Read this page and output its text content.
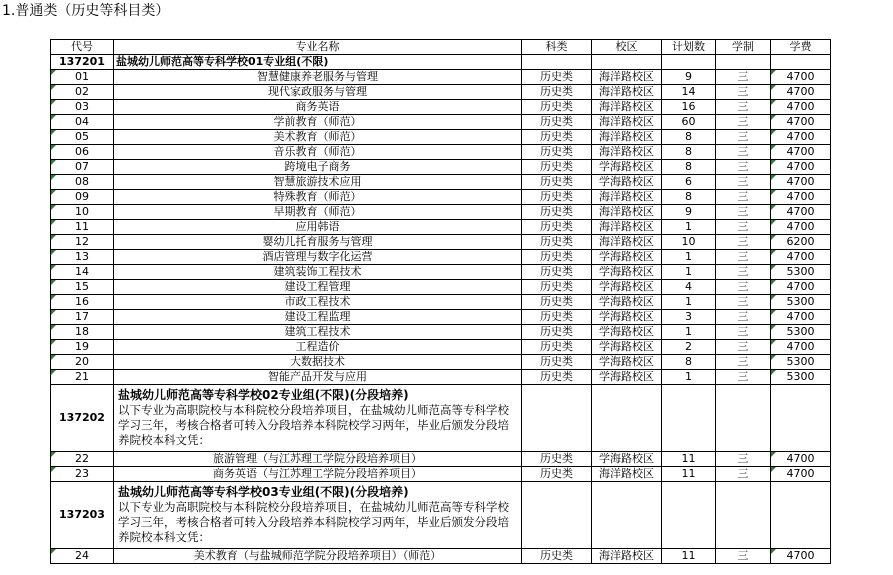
1.普通类（历史等科目类）
代号	专业名称	科类	校区	计划数	学制	学费
137201	盐城幼儿师范高等专科学校01专业组(不限)					
01	智慧健康养老服务与管理	历史类	海洋路校区	9	三	4700
02	现代家政服务与管理	历史类	海洋路校区	14	三	4700
03	商务英语	历史类	海洋路校区	16	三	4700
04	学前教育（师范）	历史类	海洋路校区	60	三	4700
05	美术教育（师范）	历史类	海洋路校区	8	三	4700
06	音乐教育（师范）	历史类	海洋路校区	8	三	4700
07	跨境电子商务	历史类	学海路校区	8	三	4700
08	智慧旅游技术应用	历史类	学海路校区	6	三	4700
09	特殊教育（师范）	历史类	海洋路校区	8	三	4700
10	早期教育（师范）	历史类	海洋路校区	9	三	4700
11	应用韩语	历史类	海洋路校区	1	三	4700
12	婴幼儿托育服务与管理	历史类	海洋路校区	10	三	6200
13	酒店管理与数字化运营	历史类	学海路校区	1	三	4700
14	建筑装饰工程技术	历史类	学海路校区	1	三	5300
15	建设工程管理	历史类	学海路校区	4	三	4700
16	市政工程技术	历史类	学海路校区	1	三	5300
17	建设工程监理	历史类	学海路校区	3	三	4700
18	建筑工程技术	历史类	学海路校区	1	三	5300
19	工程造价	历史类	学海路校区	2	三	4700
20	大数据技术	历史类	学海路校区	8	三	5300
21	智能产品开发与应用	历史类	学海路校区	1	三	5300
137202	盐城幼儿师范高等专科学校02专业组(不限)(分段培养)
以下专业为高职院校与本科院校分段培养项目，在盐城幼儿师范高等专科学校学习三年，考核合格者可转入分段培养本科院校学习两年，毕业后颁发分段培养院校本科文凭：					

22	旅游管理（与江苏理工学院分段培养项目）	历史类	学海路校区	11	三	4700
23	商务英语（与江苏理工学院分段培养项目）	历史类	海洋路校区	11	三	4700
137203	盐城幼儿师范高等专科学校03专业组(不限)(分段培养)
以下专业为高职院校与本科院校分段培养项目，在盐城幼儿师范高等专科学校学习三年，考核合格者可转入分段培养本科院校学习两年，毕业后颁发分段培养院校本科文凭：					

24	美术教育（与盐城师范学院分段培养项目）（师范）	历史类	海洋路校区	11	三	4700
